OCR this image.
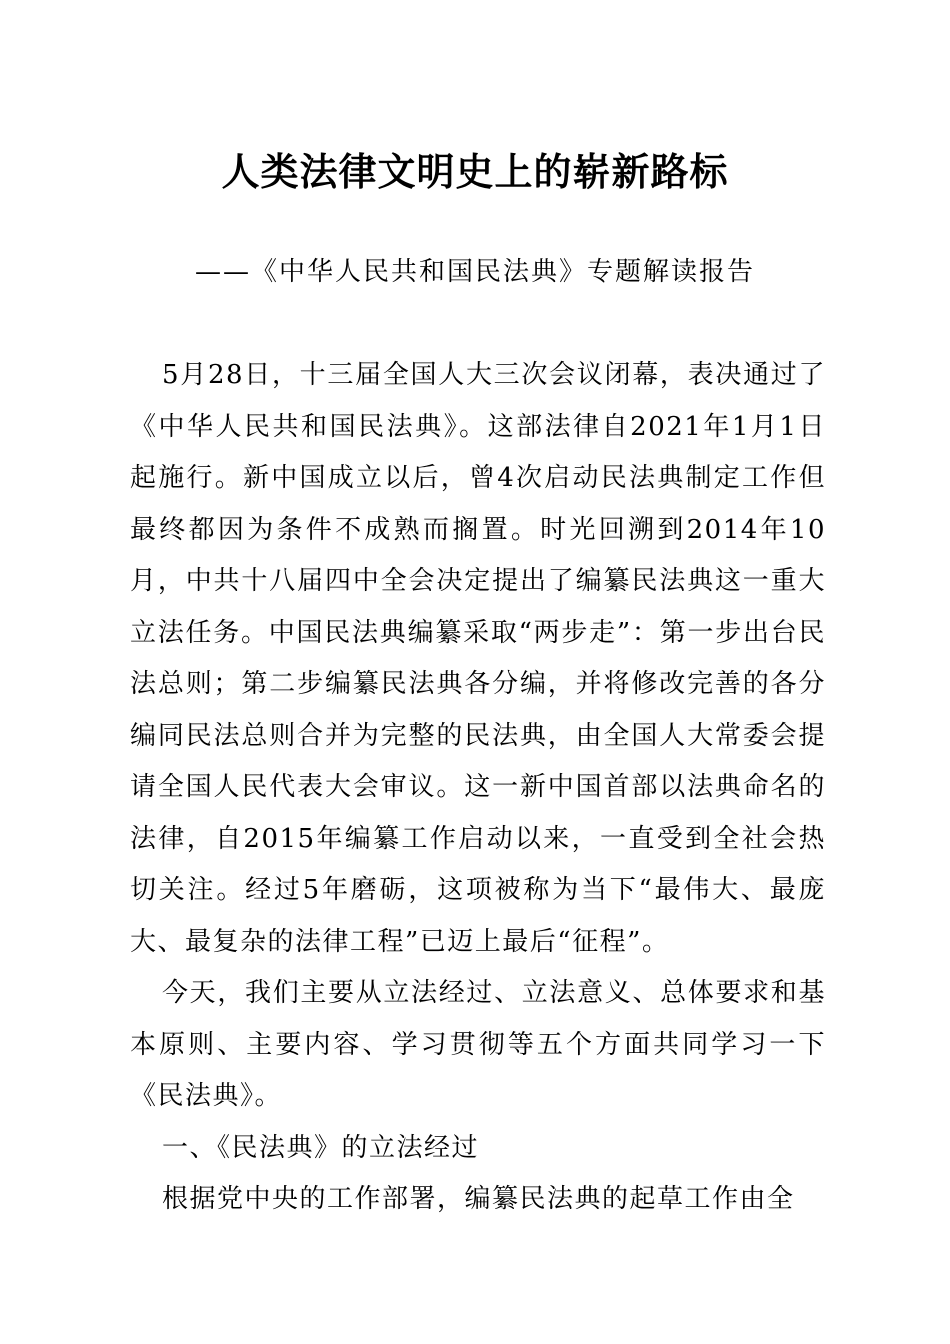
人类法律文明史上的崭新路标
——《中华人民共和国民法典》专题解读报告

5月28日，十三届全国人大三次会议闭幕，表决通过了《中华人民共和国民法典》。这部法律自2021年1月1日起施行。新中国成立以后，曾4次启动民法典制定工作但最终都因为条件不成熟而搁置。时光回溯到2014年10月，中共十八届四中全会决定提出了编纂民法典这一重大立法任务。中国民法典编纂采取“两步走”：第一步出台民法总则；第二步编纂民法典各分编，并将修改完善的各分编同民法总则合并为完整的民法典，由全国人大常委会提请全国人民代表大会审议。这一新中国首部以法典命名的法律，自2015年编纂工作启动以来，一直受到全社会热切关注。经过5年磨砺，这项被称为当下“最伟大、最庞大、最复杂的法律工程”已迈上最后“征程”。

今天，我们主要从立法经过、立法意义、总体要求和基本原则、主要内容、学习贯彻等五个方面共同学习一下《民法典》。

一、《民法典》的立法经过

根据党中央的工作部署，编纂民法典的起草工作由全
